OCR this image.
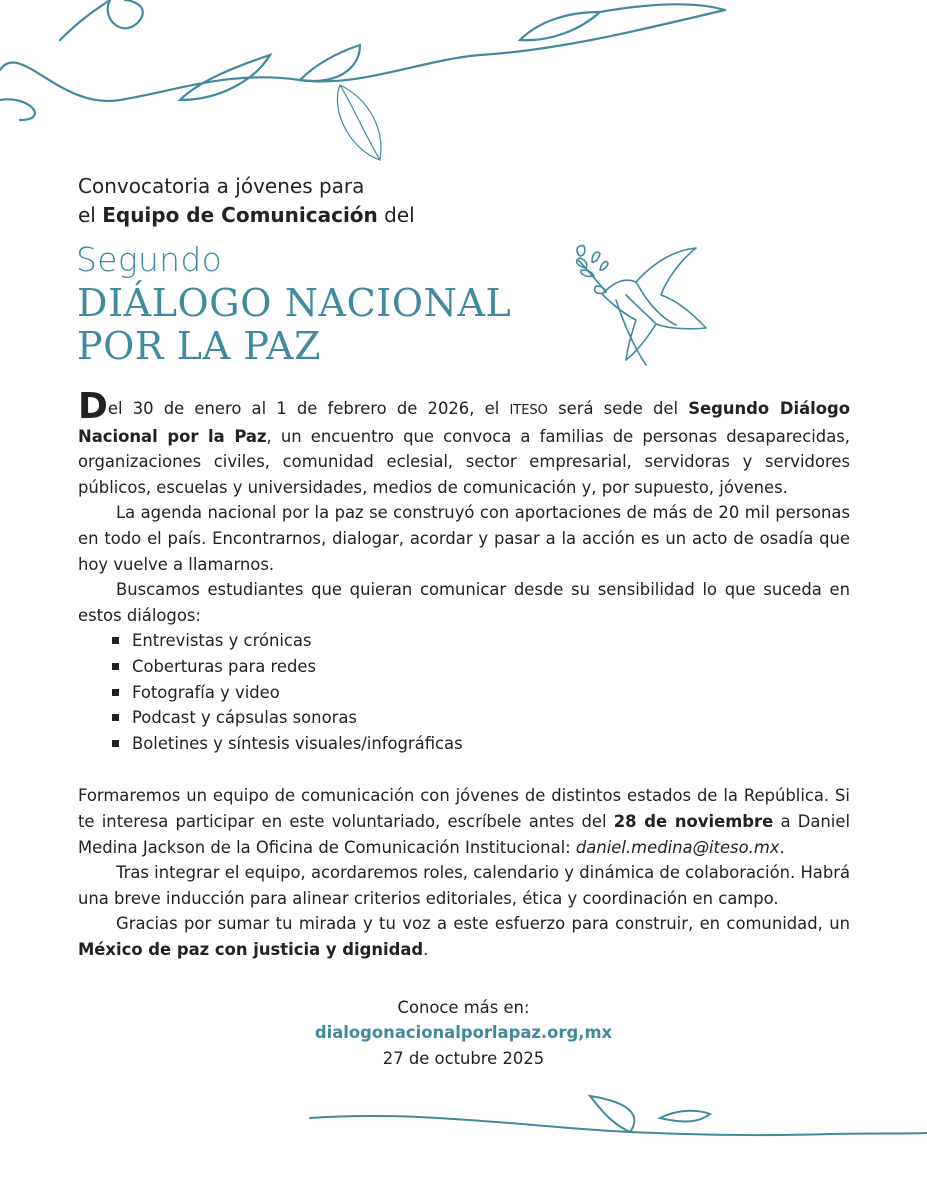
Convocatoria a jóvenes para
el Equipo de Comunicación del
Segundo
DIÁLOGO NACIONAL
POR LA PAZ

Del 30 de enero al 1 de febrero de 2026, el ITESO será sede del Segundo Diálogo Nacional por la Paz, un encuentro que convoca a familias de personas desaparecidas, organizaciones civiles, comunidad eclesial, sector empresarial, servidoras y servidores públicos, escuelas y universidades, medios de comunicación y, por supuesto, jóvenes.

La agenda nacional por la paz se construyó con aportaciones de más de 20 mil personas en todo el país. Encontrarnos, dialogar, acordar y pasar a la acción es un acto de osadía que hoy vuelve a llamarnos.

Buscamos estudiantes que quieran comunicar desde su sensibilidad lo que suceda en estos diálogos:

Entrevistas y crónicas
Coberturas para redes
Fotografía y video
Podcast y cápsulas sonoras
Boletines y síntesis visuales/infográficas

Formaremos un equipo de comunicación con jóvenes de distintos estados de la República. Si te interesa participar en este voluntariado, escríbele antes del 28 de noviembre a Daniel Medina Jackson de la Oficina de Comunicación Institucional: daniel.medina@iteso.mx.

Tras integrar el equipo, acordaremos roles, calendario y dinámica de colaboración. Habrá una breve inducción para alinear criterios editoriales, ética y coordinación en campo.

Gracias por sumar tu mirada y tu voz a este esfuerzo para construir, en comunidad, un México de paz con justicia y dignidad.

Conoce más en:
dialogonacionalporlapaz.org,mx
27 de octubre 2025
